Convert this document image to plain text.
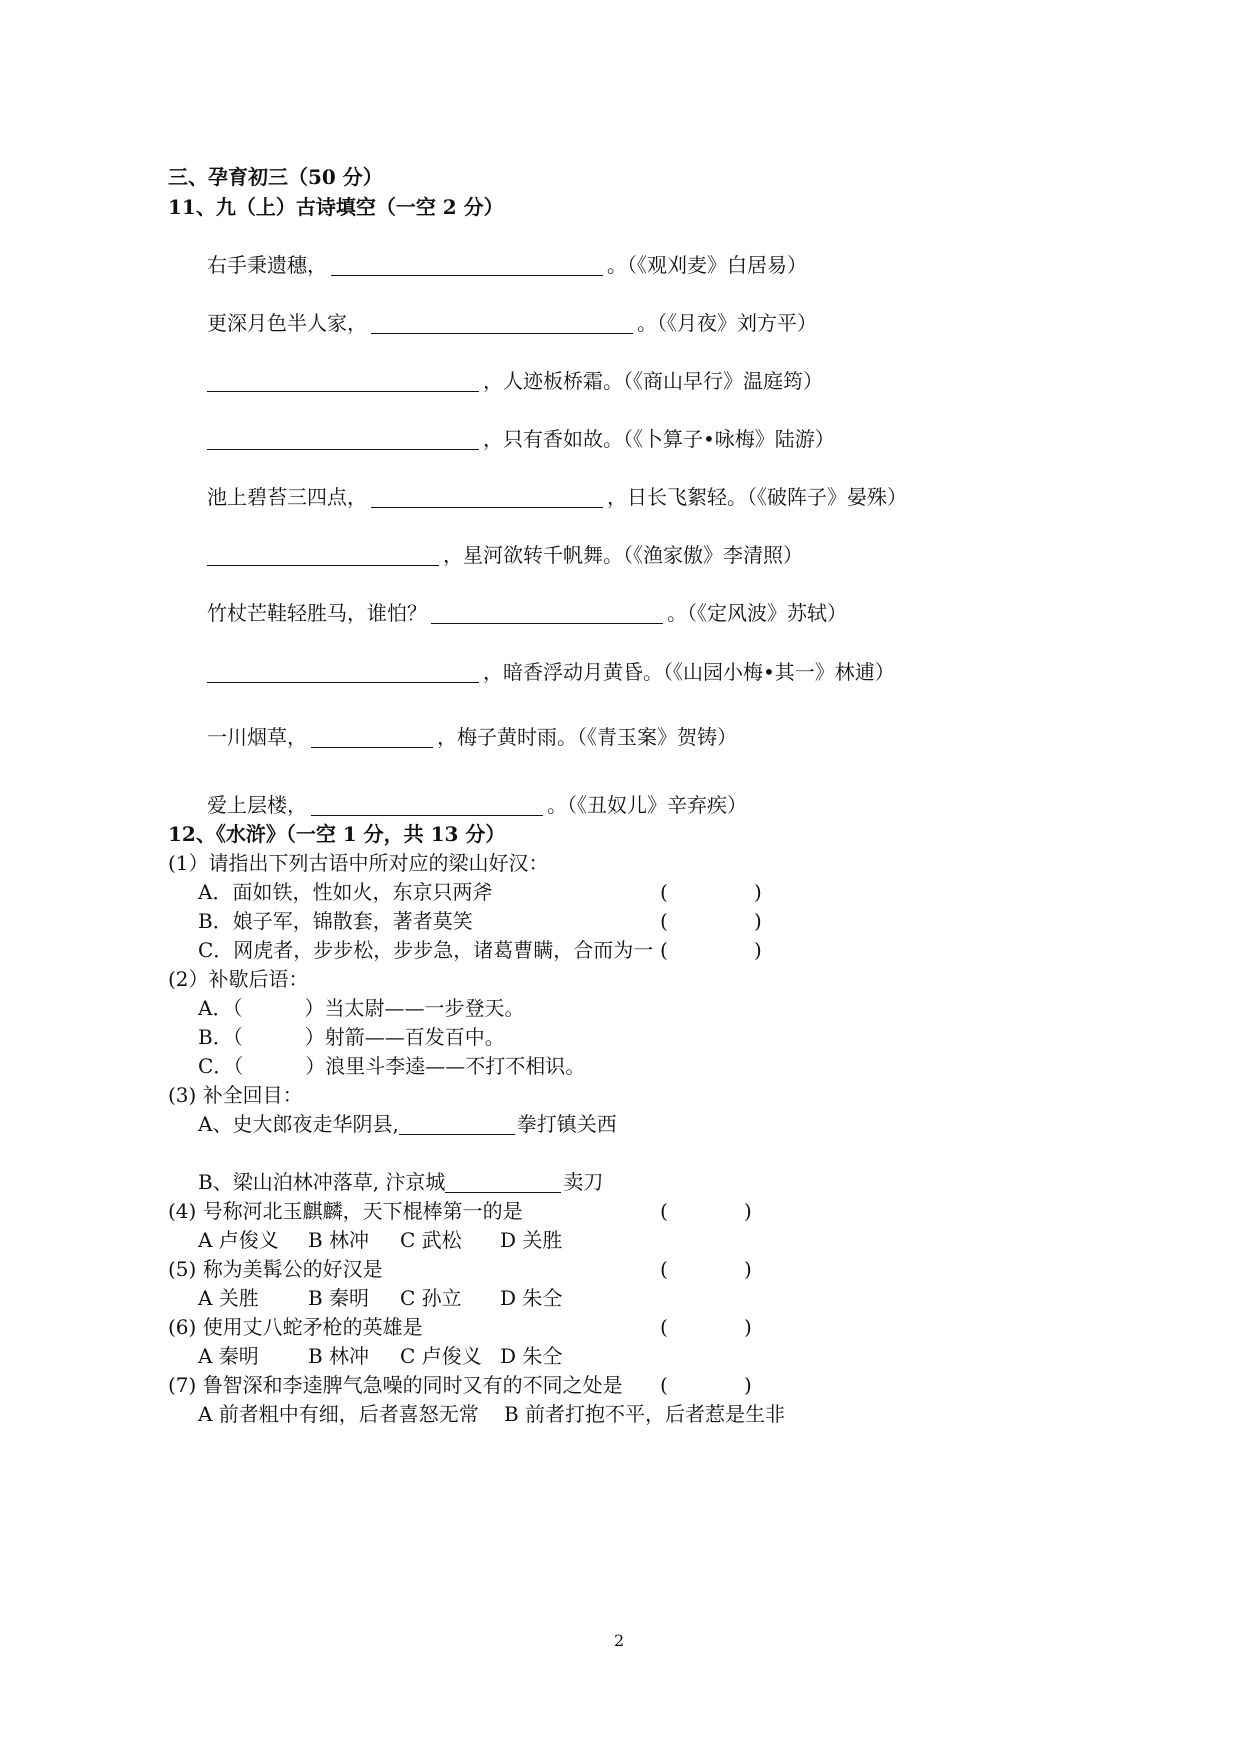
三、孕育初三（50 分）
11、九（上）古诗填空（一空 2 分）
右手秉遗穗，	。（《观刈麦》白居易）
更深月色半人家，	。（《月夜》刘方平）
，人迹板桥霜。（《商山早行》温庭筠）
，只有香如故。（《卜算子•咏梅》陆游）
池上碧苔三四点，	，日长飞絮轻。（《破阵子》晏殊）
，星河欲转千帆舞。（《渔家傲》李清照）
竹杖芒鞋轻胜马，谁怕？	。（《定风波》苏轼）
，暗香浮动月黄昏。（《山园小梅•其一》林逋）
一川烟草，	，梅子黄时雨。（《青玉案》贺铸）
爱上层楼，	。（《丑奴儿》辛弃疾）
12、《水浒》（一空 1 分，共 13 分）
(1）请指出下列古语中所对应的梁山好汉：
A．面如铁，性如火，东京只两斧
B．娘子军，锦散套，著者莫笑
C．网虎者，步步松，步步急，诸葛曹瞒，合而为一
(	)
(	)
(	)
(2）补歇后语：
A．（	）当太尉——一步登天。
B．（	）射箭——百发百中。
C．（	）浪里斗李逵——不打不相识。
(3) 补全回目：
A、史大郎夜走华阴县,	拳打镇关西
B、梁山泊林冲落草, 汴京城	卖刀
(4) 号称河北玉麒麟，天下棍棒第一的是	(	)
A 卢俊义 B 林冲 C 武松 D 关胜
(5) 称为美髯公的好汉是	(	)
A 关胜 B 秦明 C 孙立 D 朱仝
(6) 使用丈八蛇矛枪的英雄是	(	)
A 秦明 B 林冲 C 卢俊义 D 朱仝
(7) 鲁智深和李逵脾气急噪的同时又有的不同之处是 (	)
A 前者粗中有细，后者喜怒无常 B 前者打抱不平，后者惹是生非
2
